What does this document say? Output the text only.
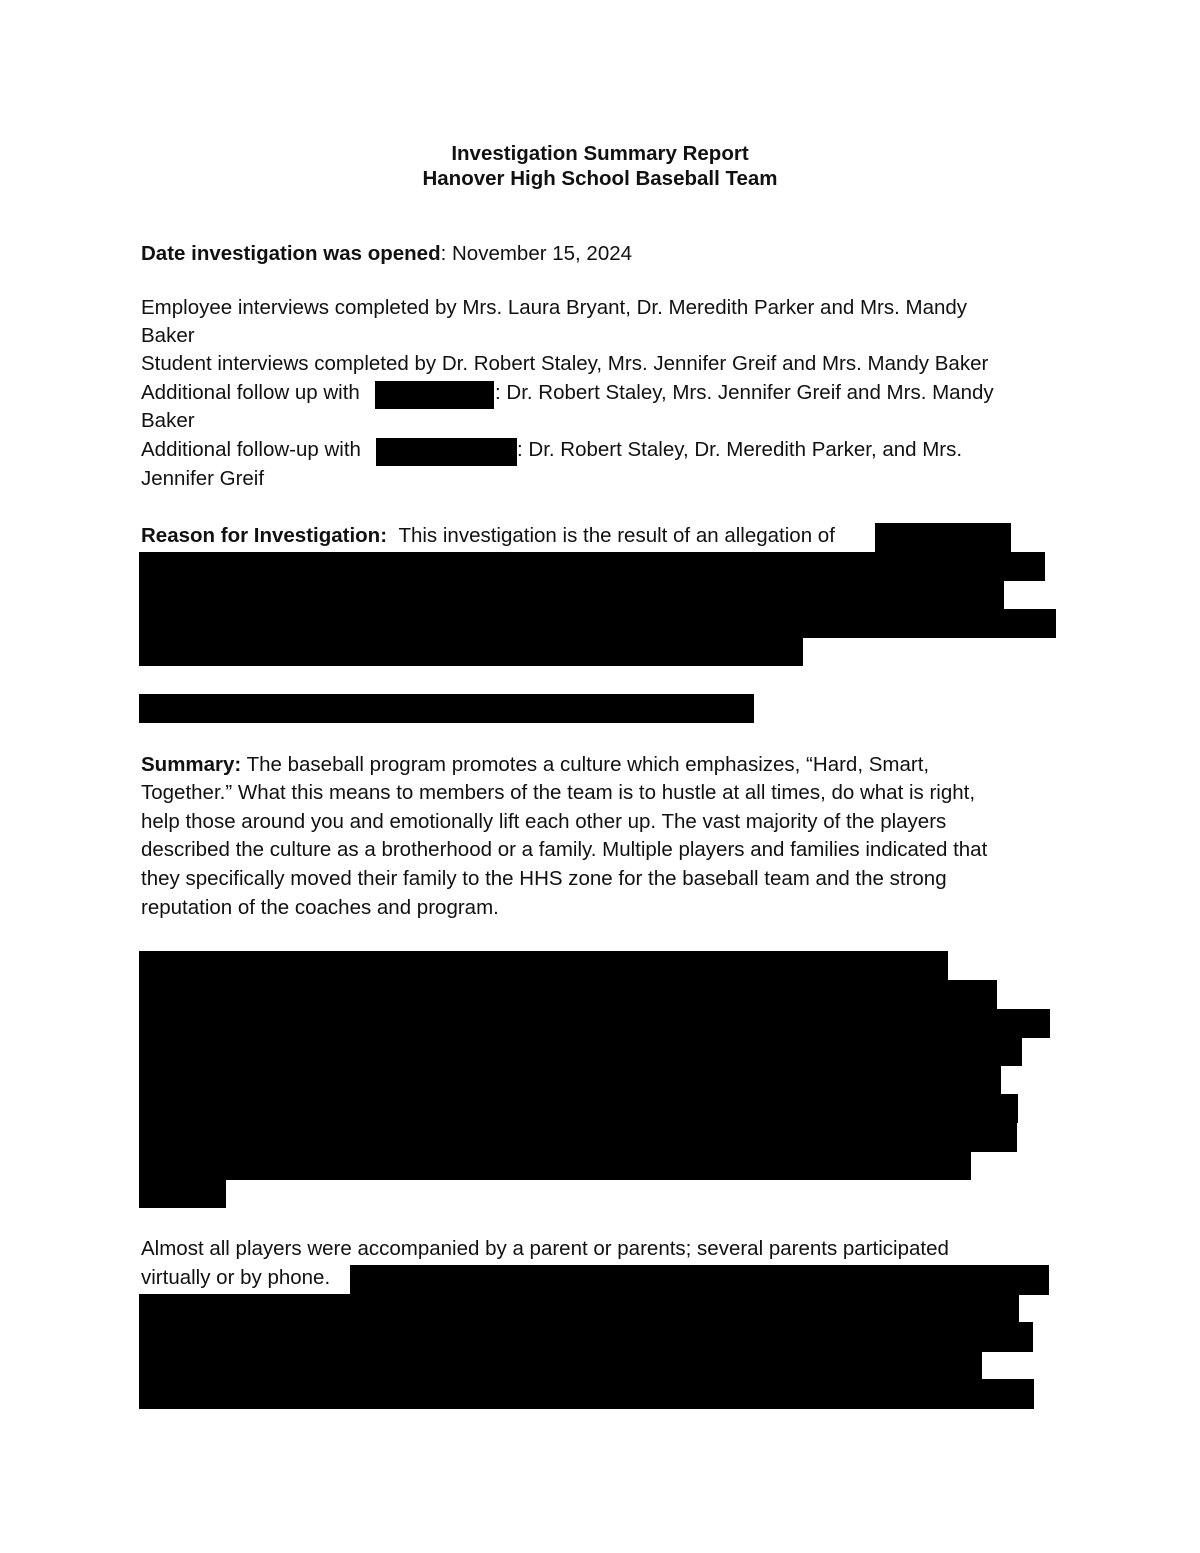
Investigation Summary Report
Hanover High School Baseball Team
Date investigation was opened: November 15, 2024
Employee interviews completed by Mrs. Laura Bryant, Dr. Meredith Parker and Mrs. Mandy
Baker
Student interviews completed by Dr. Robert Staley, Mrs. Jennifer Greif and Mrs. Mandy Baker
Additional follow up with	: Dr. Robert Staley, Mrs. Jennifer Greif and Mrs. Mandy
Baker
Additional follow-up with	: Dr. Robert Staley, Dr. Meredith Parker, and Mrs.
Jennifer Greif
Reason for Investigation: This investigation is the result of an allegation of
Summary: The baseball program promotes a culture which emphasizes, “Hard, Smart,
Together.” What this means to members of the team is to hustle at all times, do what is right,
help those around you and emotionally lift each other up. The vast majority of the players
described the culture as a brotherhood or a family. Multiple players and families indicated that
they specifically moved their family to the HHS zone for the baseball team and the strong
reputation of the coaches and program.
Almost all players were accompanied by a parent or parents; several parents participated
virtually or by phone.
